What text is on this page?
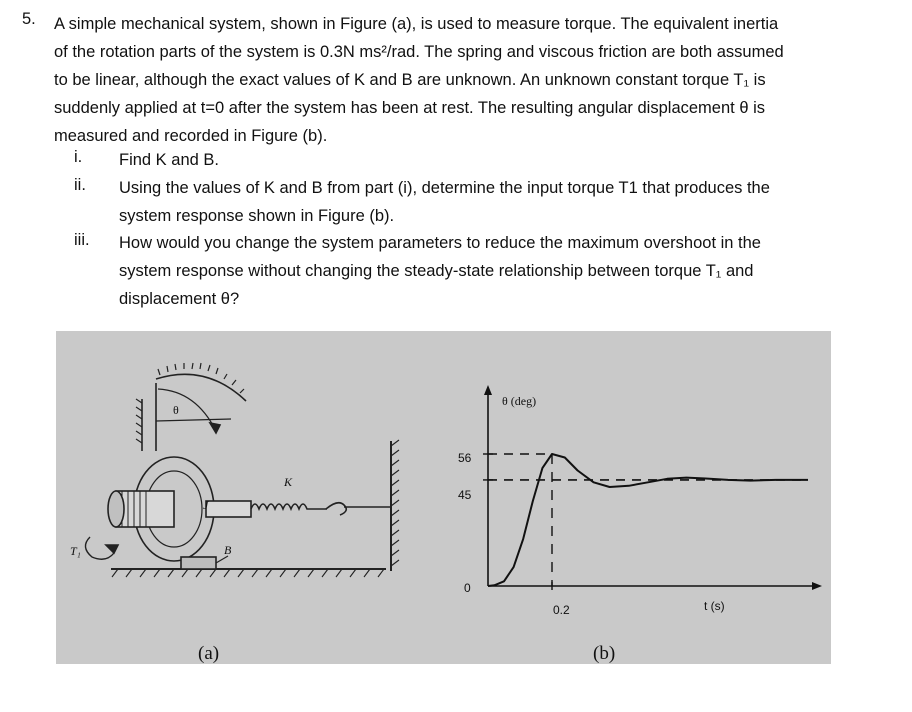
5. A simple mechanical system, shown in Figure (a), is used to measure torque. The equivalent inertia
of the rotation parts of the system is 0.3N ms²/rad. The spring and viscous friction are both assumed
to be linear, although the exact values of K and B are unknown. An unknown constant torque T₁ is
suddenly applied at t=0 after the system has been at rest. The resulting angular displacement θ is
measured and recorded in Figure (b).
i. Find K and B.
ii. Using the values of K and B from part (i), determine the input torque T1 that produces the
system response shown in Figure (b).
iii. How would you change the system parameters to reduce the maximum overshoot in the
system response without changing the steady-state relationship between torque T₁ and
displacement θ?
θ
J
K
B
T₁
θ (deg)
t (s)
56
45
0
0.2
(a)	(b)
